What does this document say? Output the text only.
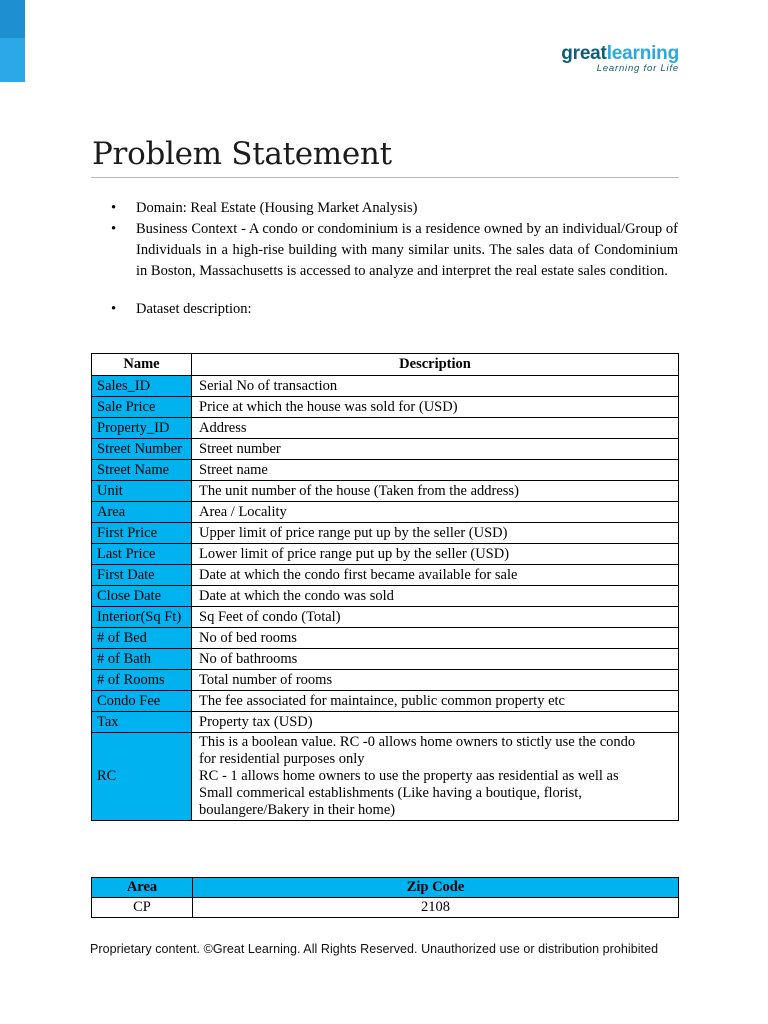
greatlearning
Learning for Life
Problem Statement
• Domain: Real Estate (Housing Market Analysis)
• Business Context - A condo or condominium is a residence owned by an individual/Group of Individuals in a high-rise building with many similar units. The sales data of Condominium in Boston, Massachusetts is accessed to analyze and interpret the real estate sales condition.
• Dataset description:
Name	Description
Sales_ID	Serial No of transaction
Sale Price	Price at which the house was sold for (USD)
Property_ID	Address
Street Number	Street number
Street Name	Street name
Unit	The unit number of the house (Taken from the address)
Area	Area / Locality
First Price	Upper limit of price range put up by the seller (USD)
Last Price	Lower limit of price range put up by the seller (USD)
First Date	Date at which the condo first became available for sale
Close Date	Date at which the condo was sold
Interior(Sq Ft)	Sq Feet of condo (Total)
# of Bed	No of bed rooms
# of Bath	No of bathrooms
# of Rooms	Total number of rooms
Condo Fee	The fee associated for maintaince, public common property etc
Tax	Property tax (USD)
RC	This is a boolean value. RC -0 allows home owners to stictly use the condo
for residential purposes only
RC - 1 allows home owners to use the property aas residential as well as
Small commerical establishments (Like having a boutique, florist,
boulangere/Bakery in their home)
Area	Zip Code
CP	2108
Proprietary content. ©Great Learning. All Rights Reserved. Unauthorized use or distribution prohibited
